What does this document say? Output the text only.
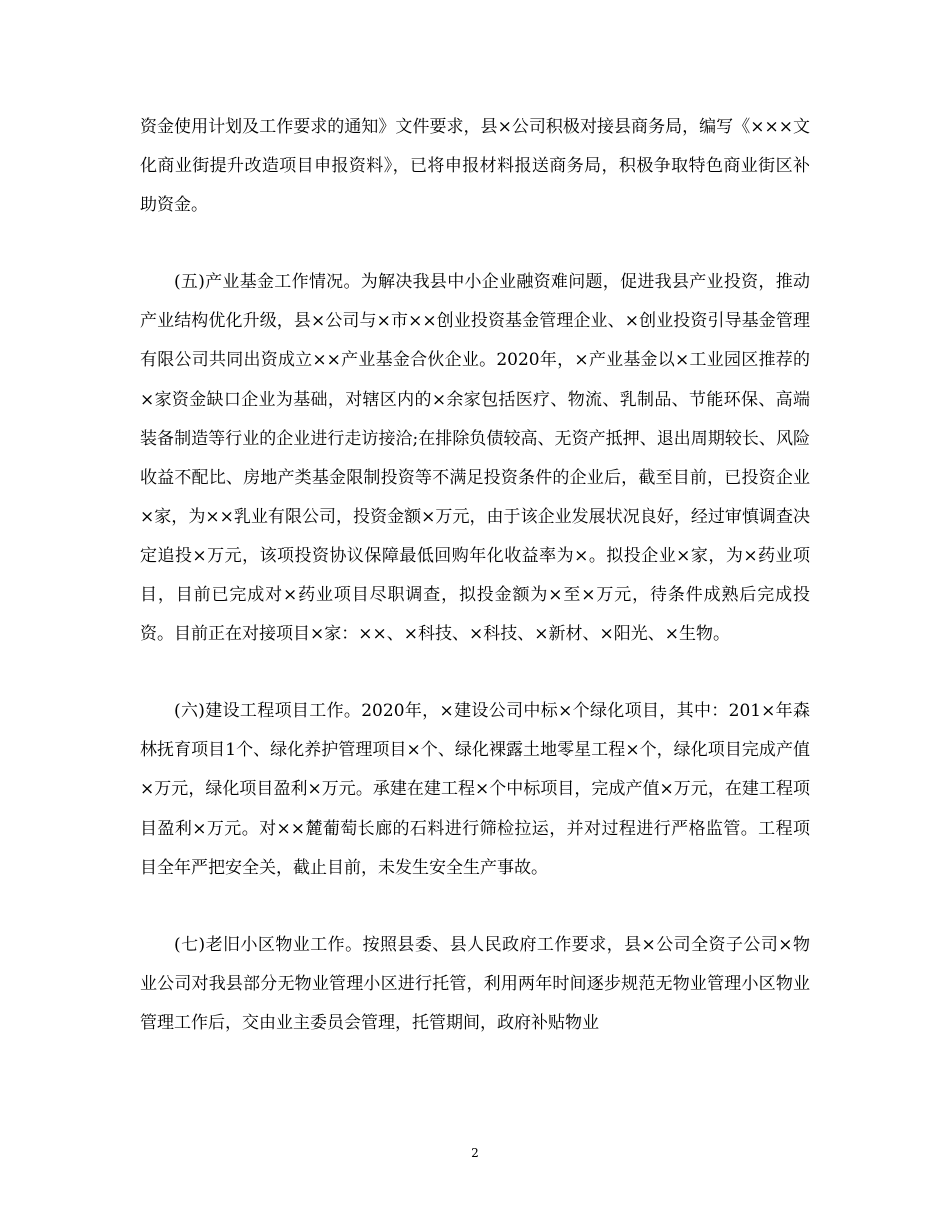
资金使用计划及工作要求的通知》文件要求，县×公司积极对接县商务局，编写《×××文化商业街提升改造项目申报资料》，已将申报材料报送商务局，积极争取特色商业街区补助资金。

(五)产业基金工作情况。为解决我县中小企业融资难问题，促进我县产业投资，推动产业结构优化升级，县×公司与×市××创业投资基金管理企业、×创业投资引导基金管理有限公司共同出资成立××产业基金合伙企业。2020年，×产业基金以×工业园区推荐的×家资金缺口企业为基础，对辖区内的×余家包括医疗、物流、乳制品、节能环保、高端装备制造等行业的企业进行走访接洽;在排除负债较高、无资产抵押、退出周期较长、风险收益不配比、房地产类基金限制投资等不满足投资条件的企业后，截至目前，已投资企业×家，为××乳业有限公司，投资金额×万元，由于该企业发展状况良好，经过审慎调查决定追投×万元，该项投资协议保障最低回购年化收益率为×。拟投企业×家，为×药业项目，目前已完成对×药业项目尽职调查，拟投金额为×至×万元，待条件成熟后完成投资。目前正在对接项目×家：××、×科技、×科技、×新材、×阳光、×生物。

(六)建设工程项目工作。2020年，×建设公司中标×个绿化项目，其中：201×年森林抚育项目1个、绿化养护管理项目×个、绿化裸露土地零星工程×个，绿化项目完成产值×万元，绿化项目盈利×万元。承建在建工程×个中标项目，完成产值×万元，在建工程项目盈利×万元。对××麓葡萄长廊的石料进行筛检拉运，并对过程进行严格监管。工程项目全年严把安全关，截止目前，未发生安全生产事故。

(七)老旧小区物业工作。按照县委、县人民政府工作要求，县×公司全资子公司×物业公司对我县部分无物业管理小区进行托管，利用两年时间逐步规范无物业管理小区物业管理工作后，交由业主委员会管理，托管期间，政府补贴物业

2
